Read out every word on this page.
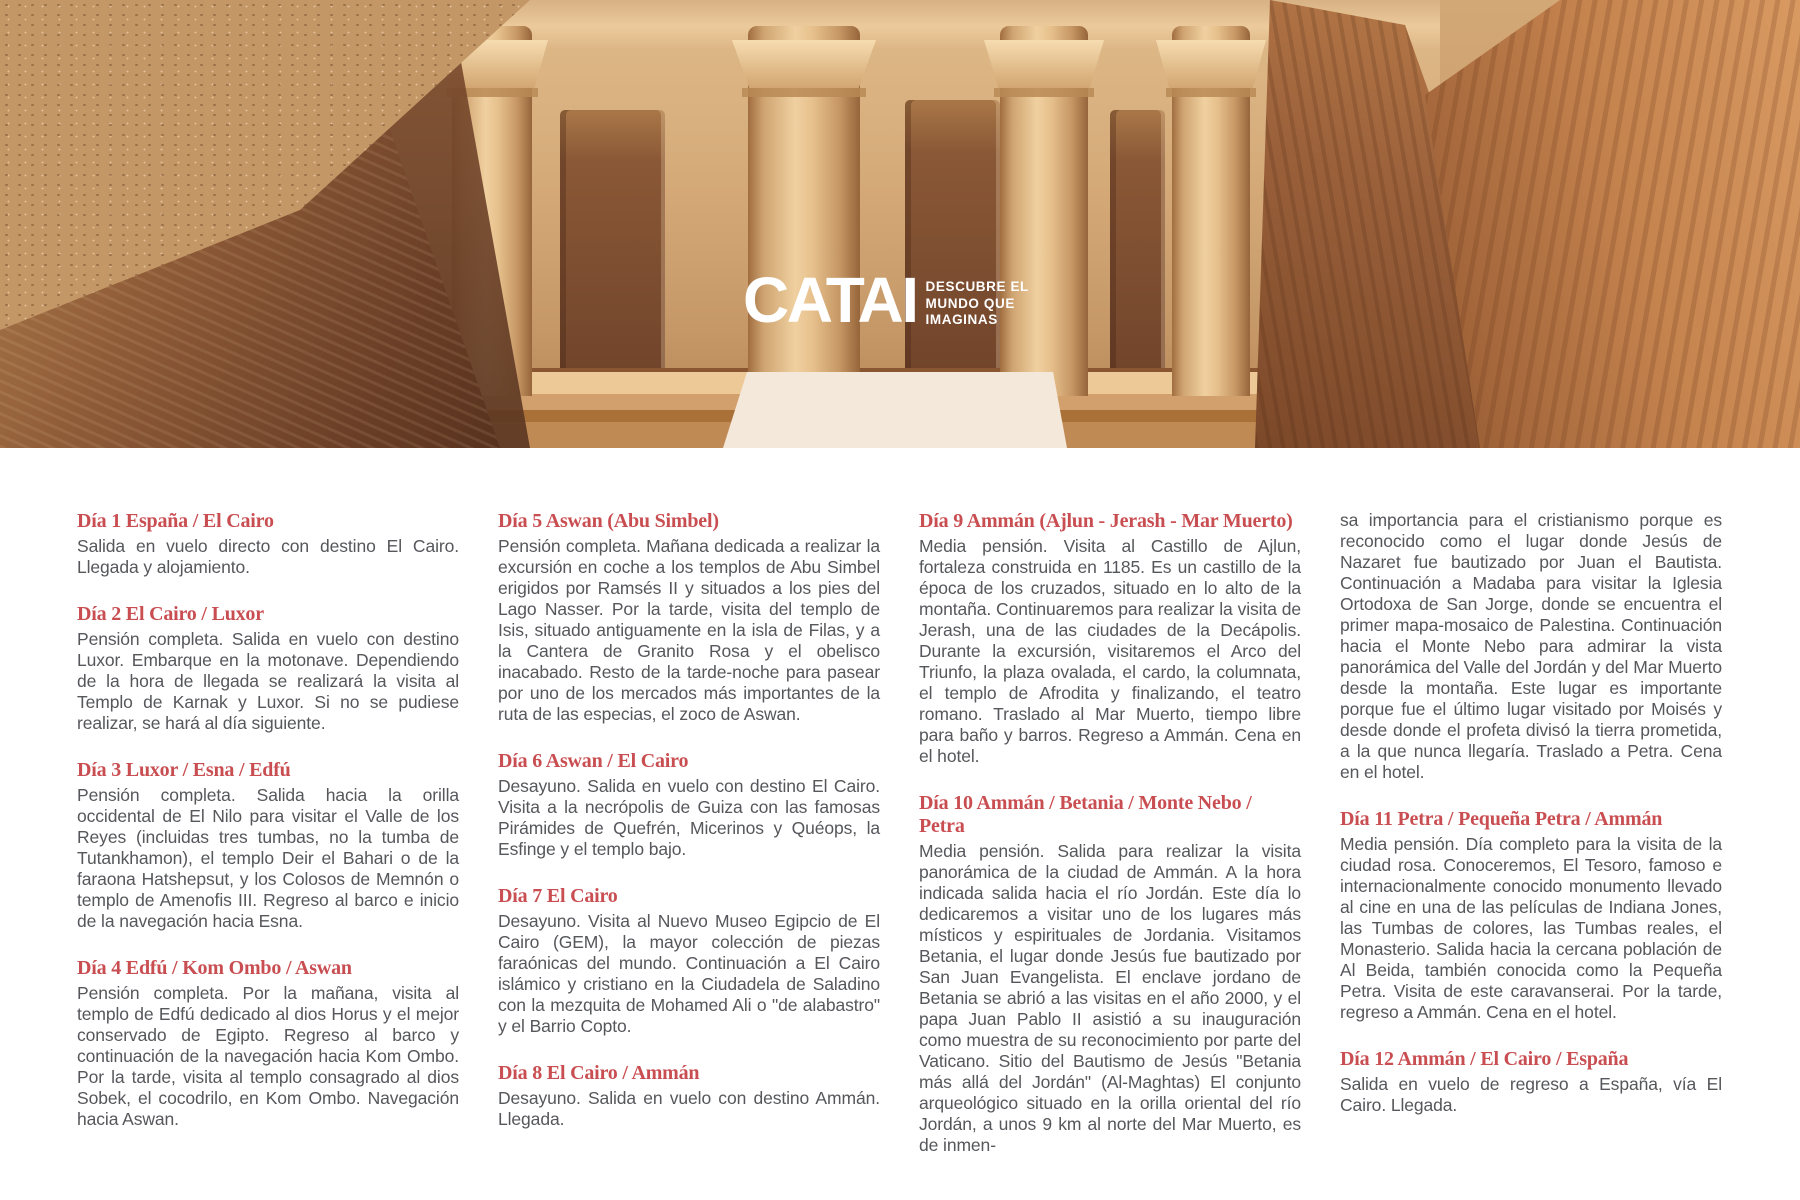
CATAI DESCUBRE EL
MUNDO QUE
IMAGINAS
Día 1 España / El Cairo

Salida en vuelo directo con destino El Cairo. Llegada y alojamiento.

Día 2 El Cairo / Luxor

Pensión completa. Salida en vuelo con destino Luxor. Embarque en la motonave. Dependiendo de la hora de llegada se realizará la visita al Templo de Karnak y Luxor. Si no se pudiese realizar, se hará al día siguiente.

Día 3 Luxor / Esna / Edfú

Pensión completa. Salida hacia la orilla occidental de El Nilo para visitar el Valle de los Reyes (incluidas tres tumbas, no la tumba de Tutankhamon), el templo Deir el Bahari o de la faraona Hatshepsut, y los Colosos de Memnón o templo de Amenofis III. Regreso al barco e inicio de la navegación hacia Esna.

Día 4 Edfú / Kom Ombo / Aswan

Pensión completa. Por la mañana, visita al templo de Edfú dedicado al dios Horus y el mejor conservado de Egipto. Regreso al barco y continuación de la navegación hacia Kom Ombo. Por la tarde, visita al templo consagrado al dios Sobek, el cocodrilo, en Kom Ombo. Navegación hacia Aswan.

Día 5 Aswan (Abu Simbel)

Pensión completa. Mañana dedicada a realizar la excursión en coche a los templos de Abu Simbel erigidos por Ramsés II y situados a los pies del Lago Nasser. Por la tarde, visita del templo de Isis, situado antiguamente en la isla de Filas, y a la Cantera de Granito Rosa y el obelisco inacabado. Resto de la tarde-noche para pasear por uno de los mercados más importantes de la ruta de las especias, el zoco de Aswan.

Día 6 Aswan / El Cairo

Desayuno. Salida en vuelo con destino El Cairo. Visita a la necrópolis de Guiza con las famosas Pirámides de Quefrén, Micerinos y Quéops, la Esfinge y el templo bajo.

Día 7 El Cairo

Desayuno. Visita al Nuevo Museo Egipcio de El Cairo (GEM), la mayor colección de piezas faraónicas del mundo. Continuación a El Cairo islámico y cristiano en la Ciudadela de Saladino con la mezquita de Mohamed Ali o "de alabastro" y el Barrio Copto.

Día 8 El Cairo / Ammán

Desayuno. Salida en vuelo con destino Ammán. Llegada.

Día 9 Ammán (Ajlun - Jerash - Mar Muerto)

Media pensión. Visita al Castillo de Ajlun, fortaleza construida en 1185. Es un castillo de la época de los cruzados, situado en lo alto de la montaña. Continuaremos para realizar la visita de Jerash, una de las ciudades de la Decápolis. Durante la excursión, visitaremos el Arco del Triunfo, la plaza ovalada, el cardo, la columnata, el templo de Afrodita y finalizando, el teatro romano. Traslado al Mar Muerto, tiempo libre para baño y barros. Regreso a Ammán. Cena en el hotel.

Día 10 Ammán / Betania / Monte Nebo / Petra

Media pensión. Salida para realizar la visita panorámica de la ciudad de Ammán. A la hora indicada salida hacia el río Jordán. Este día lo dedicaremos a visitar uno de los lugares más místicos y espirituales de Jordania. Visitamos Betania, el lugar donde Jesús fue bautizado por San Juan Evangelista. El enclave jordano de Betania se abrió a las visitas en el año 2000, y el papa Juan Pablo II asistió a su inauguración como muestra de su reconocimiento por parte del Vaticano. Sitio del Bautismo de Jesús "Betania más allá del Jordán" (Al-Maghtas) El conjunto arqueológico situado en la orilla oriental del río Jordán, a unos 9 km al norte del Mar Muerto, es de inmen-

sa importancia para el cristianismo porque es reconocido como el lugar donde Jesús de Nazaret fue bautizado por Juan el Bautista. Continuación a Madaba para visitar la Iglesia Ortodoxa de San Jorge, donde se encuentra el primer mapa-mosaico de Palestina. Continuación hacia el Monte Nebo para admirar la vista panorámica del Valle del Jordán y del Mar Muerto desde la montaña. Este lugar es importante porque fue el último lugar visitado por Moisés y desde donde el profeta divisó la tierra prometida, a la que nunca llegaría. Traslado a Petra. Cena en el hotel.

Día 11 Petra / Pequeña Petra / Ammán

Media pensión. Día completo para la visita de la ciudad rosa. Conoceremos, El Tesoro, famoso e internacionalmente conocido monumento llevado al cine en una de las películas de Indiana Jones, las Tumbas de colores, las Tumbas reales, el Monasterio. Salida hacia la cercana población de Al Beida, también conocida como la Pequeña Petra. Visita de este caravanserai. Por la tarde, regreso a Ammán. Cena en el hotel.

Día 12 Ammán / El Cairo / España

Salida en vuelo de regreso a España, vía El Cairo. Llegada.
